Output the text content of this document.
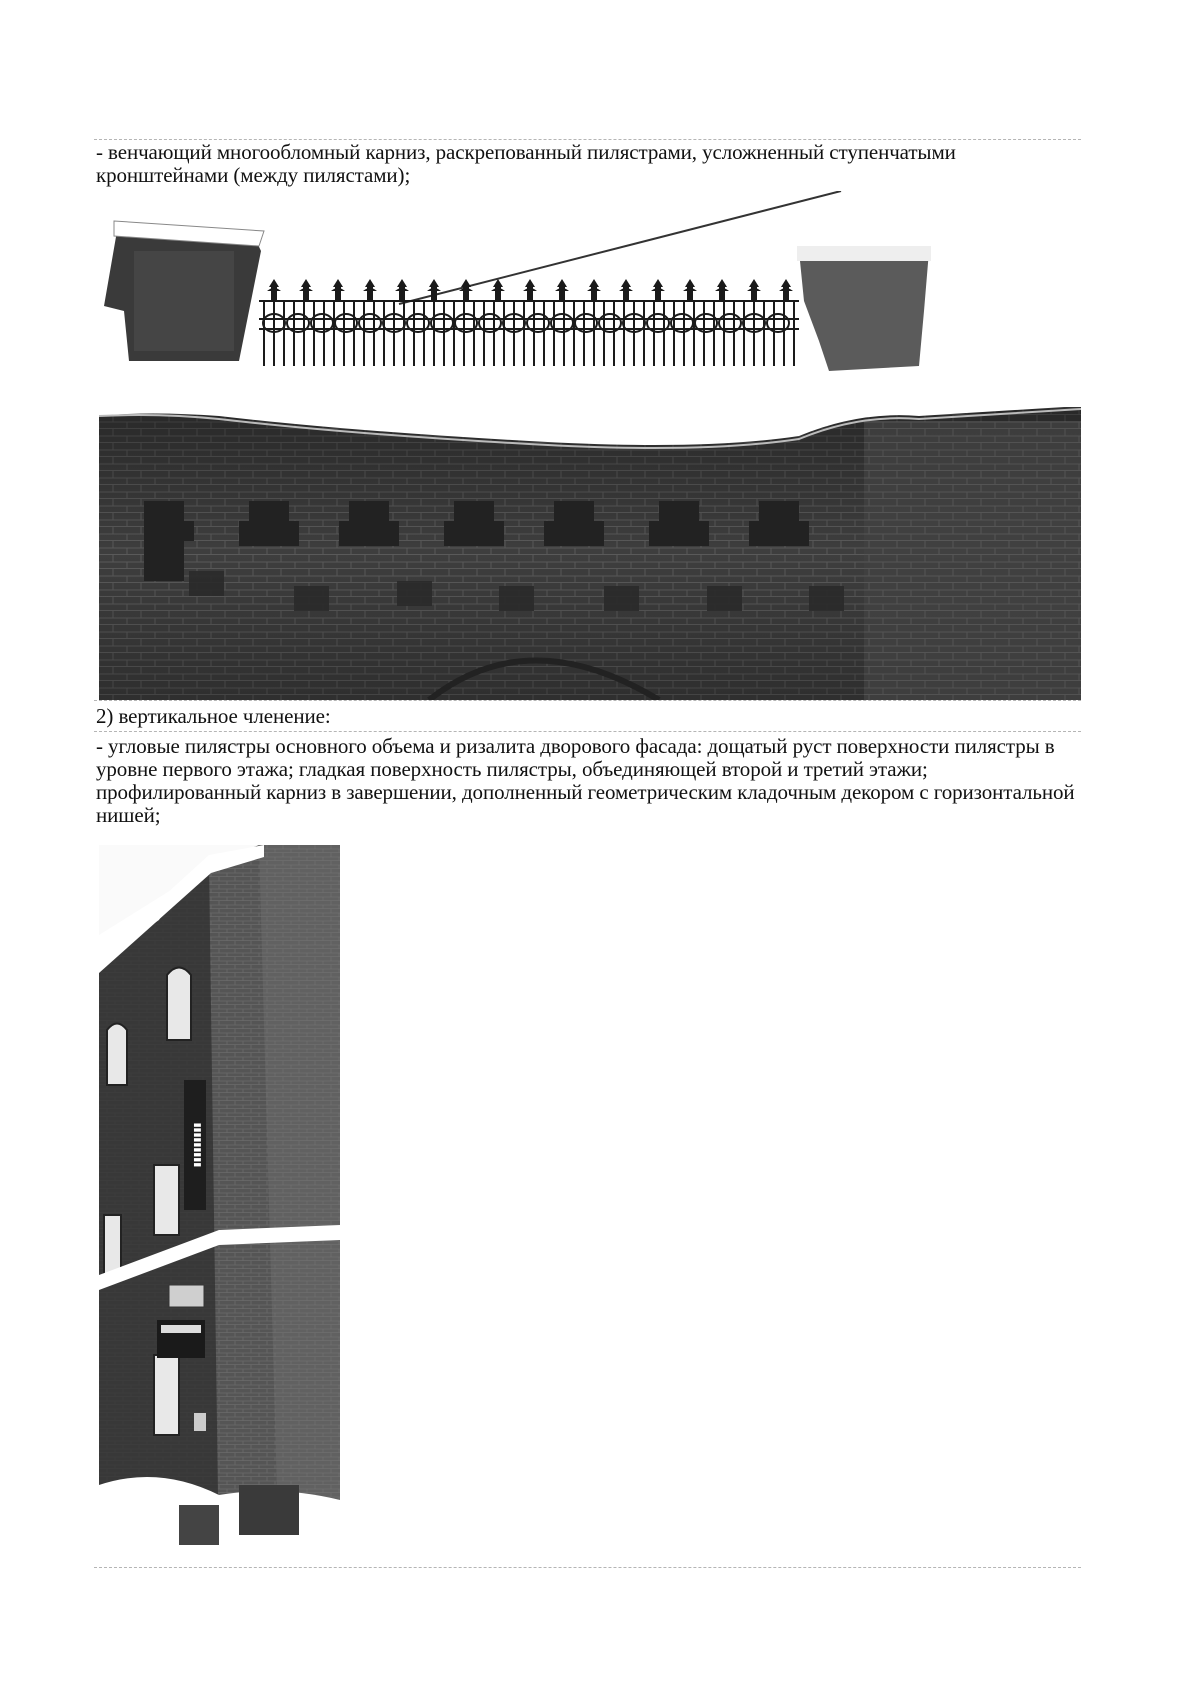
- венчающий многообломный карниз, раскрепованный пилястрами, усложненный ступенчатыми кронштейнами (между пилястами);

2) вертикальное членение:

- угловые пилястры основного объема и ризалита дворового фасада: дощатый руст поверхности пилястры в уровне первого этажа; гладкая поверхность пилястры, объединяющей второй и третий этажи; профилированный карниз в завершении, дополненный геометрическим кладочным декором с горизонтальной нишей;

▮▮▮▮▮▮▮▮▮
